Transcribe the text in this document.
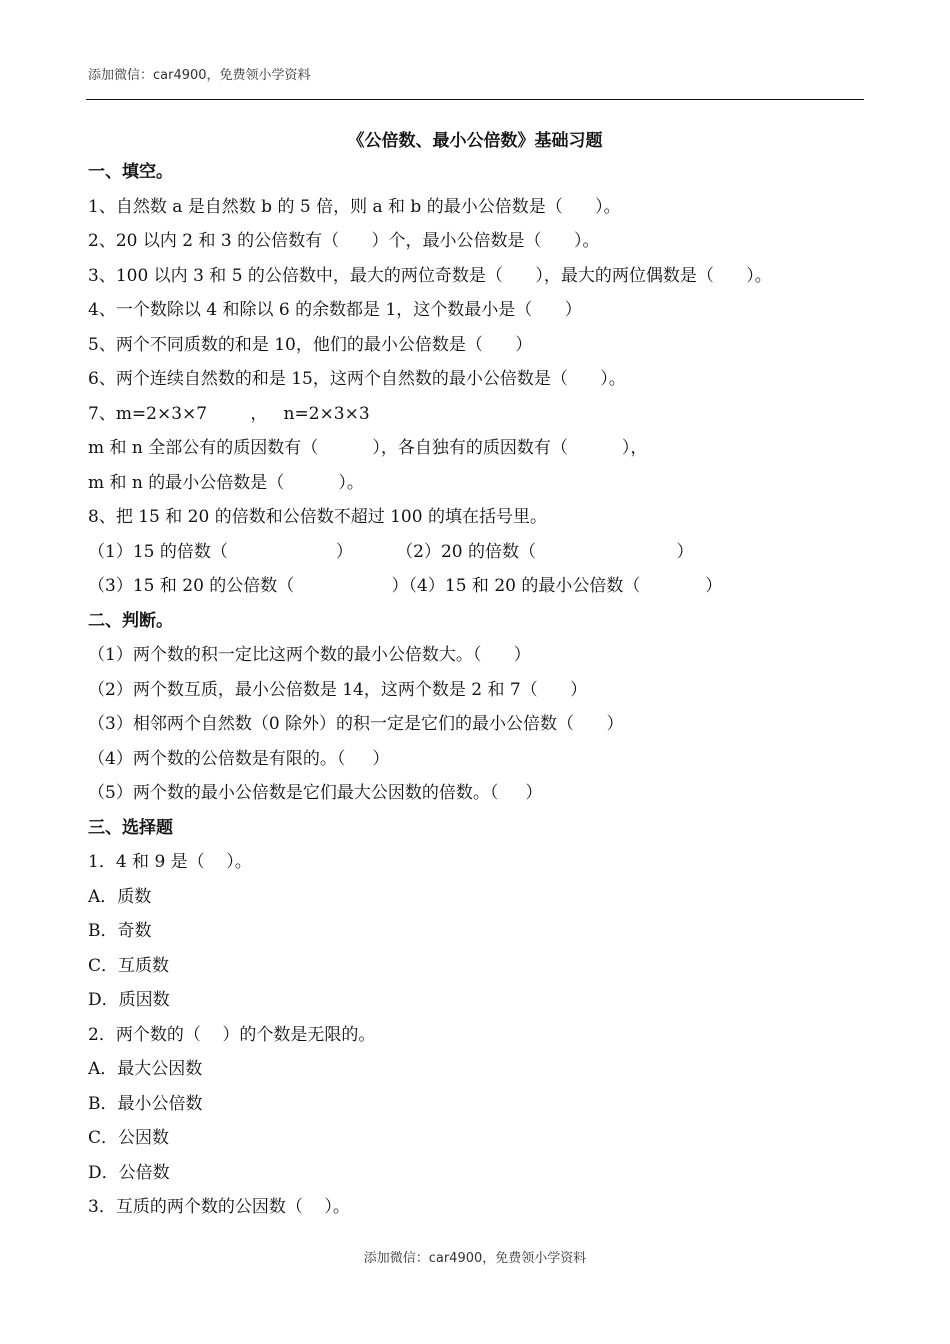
添加微信：car4900，免费领小学资料
《公倍数、最小公倍数》基础习题
一、填空。
1、自然数 a 是自然数 b 的 5 倍，则 a 和 b 的最小公倍数是（      ）。
2、20 以内 2 和 3 的公倍数有（      ）个，最小公倍数是（      ）。
3、100 以内 3 和 5 的公倍数中，最大的两位奇数是（      ），最大的两位偶数是（      ）。
4、一个数除以 4 和除以 6 的余数都是 1，这个数最小是（      ）
5、两个不同质数的和是 10，他们的最小公倍数是（      ）
6、两个连续自然数的和是 15，这两个自然数的最小公倍数是（      ）。
7、m=2×3×7        ，   n=2×3×3
m 和 n 全部公有的质因数有（          ），各自独有的质因数有（          ），
m 和 n 的最小公倍数是（          ）。
8、把 15 和 20 的倍数和公倍数不超过 100 的填在括号里。
（1）15 的倍数（                    ）        （2）20 的倍数（                          ）
（3）15 和 20 的公倍数（                  ）（4）15 和 20 的最小公倍数（            ）
二、判断。
（1）两个数的积一定比这两个数的最小公倍数大。（      ）
（2）两个数互质，最小公倍数是 14，这两个数是 2 和 7（      ）
（3）相邻两个自然数（0 除外）的积一定是它们的最小公倍数（      ）
（4）两个数的公倍数是有限的。（     ）
（5）两个数的最小公倍数是它们最大公因数的倍数。（     ）
三、选择题
1．4 和 9 是（    ）。
A．质数
B．奇数
C．互质数
D．质因数
2．两个数的（    ）的个数是无限的。
A．最大公因数
B．最小公倍数
C．公因数
D．公倍数
3．互质的两个数的公因数（    ）。
添加微信：car4900，免费领小学资料
